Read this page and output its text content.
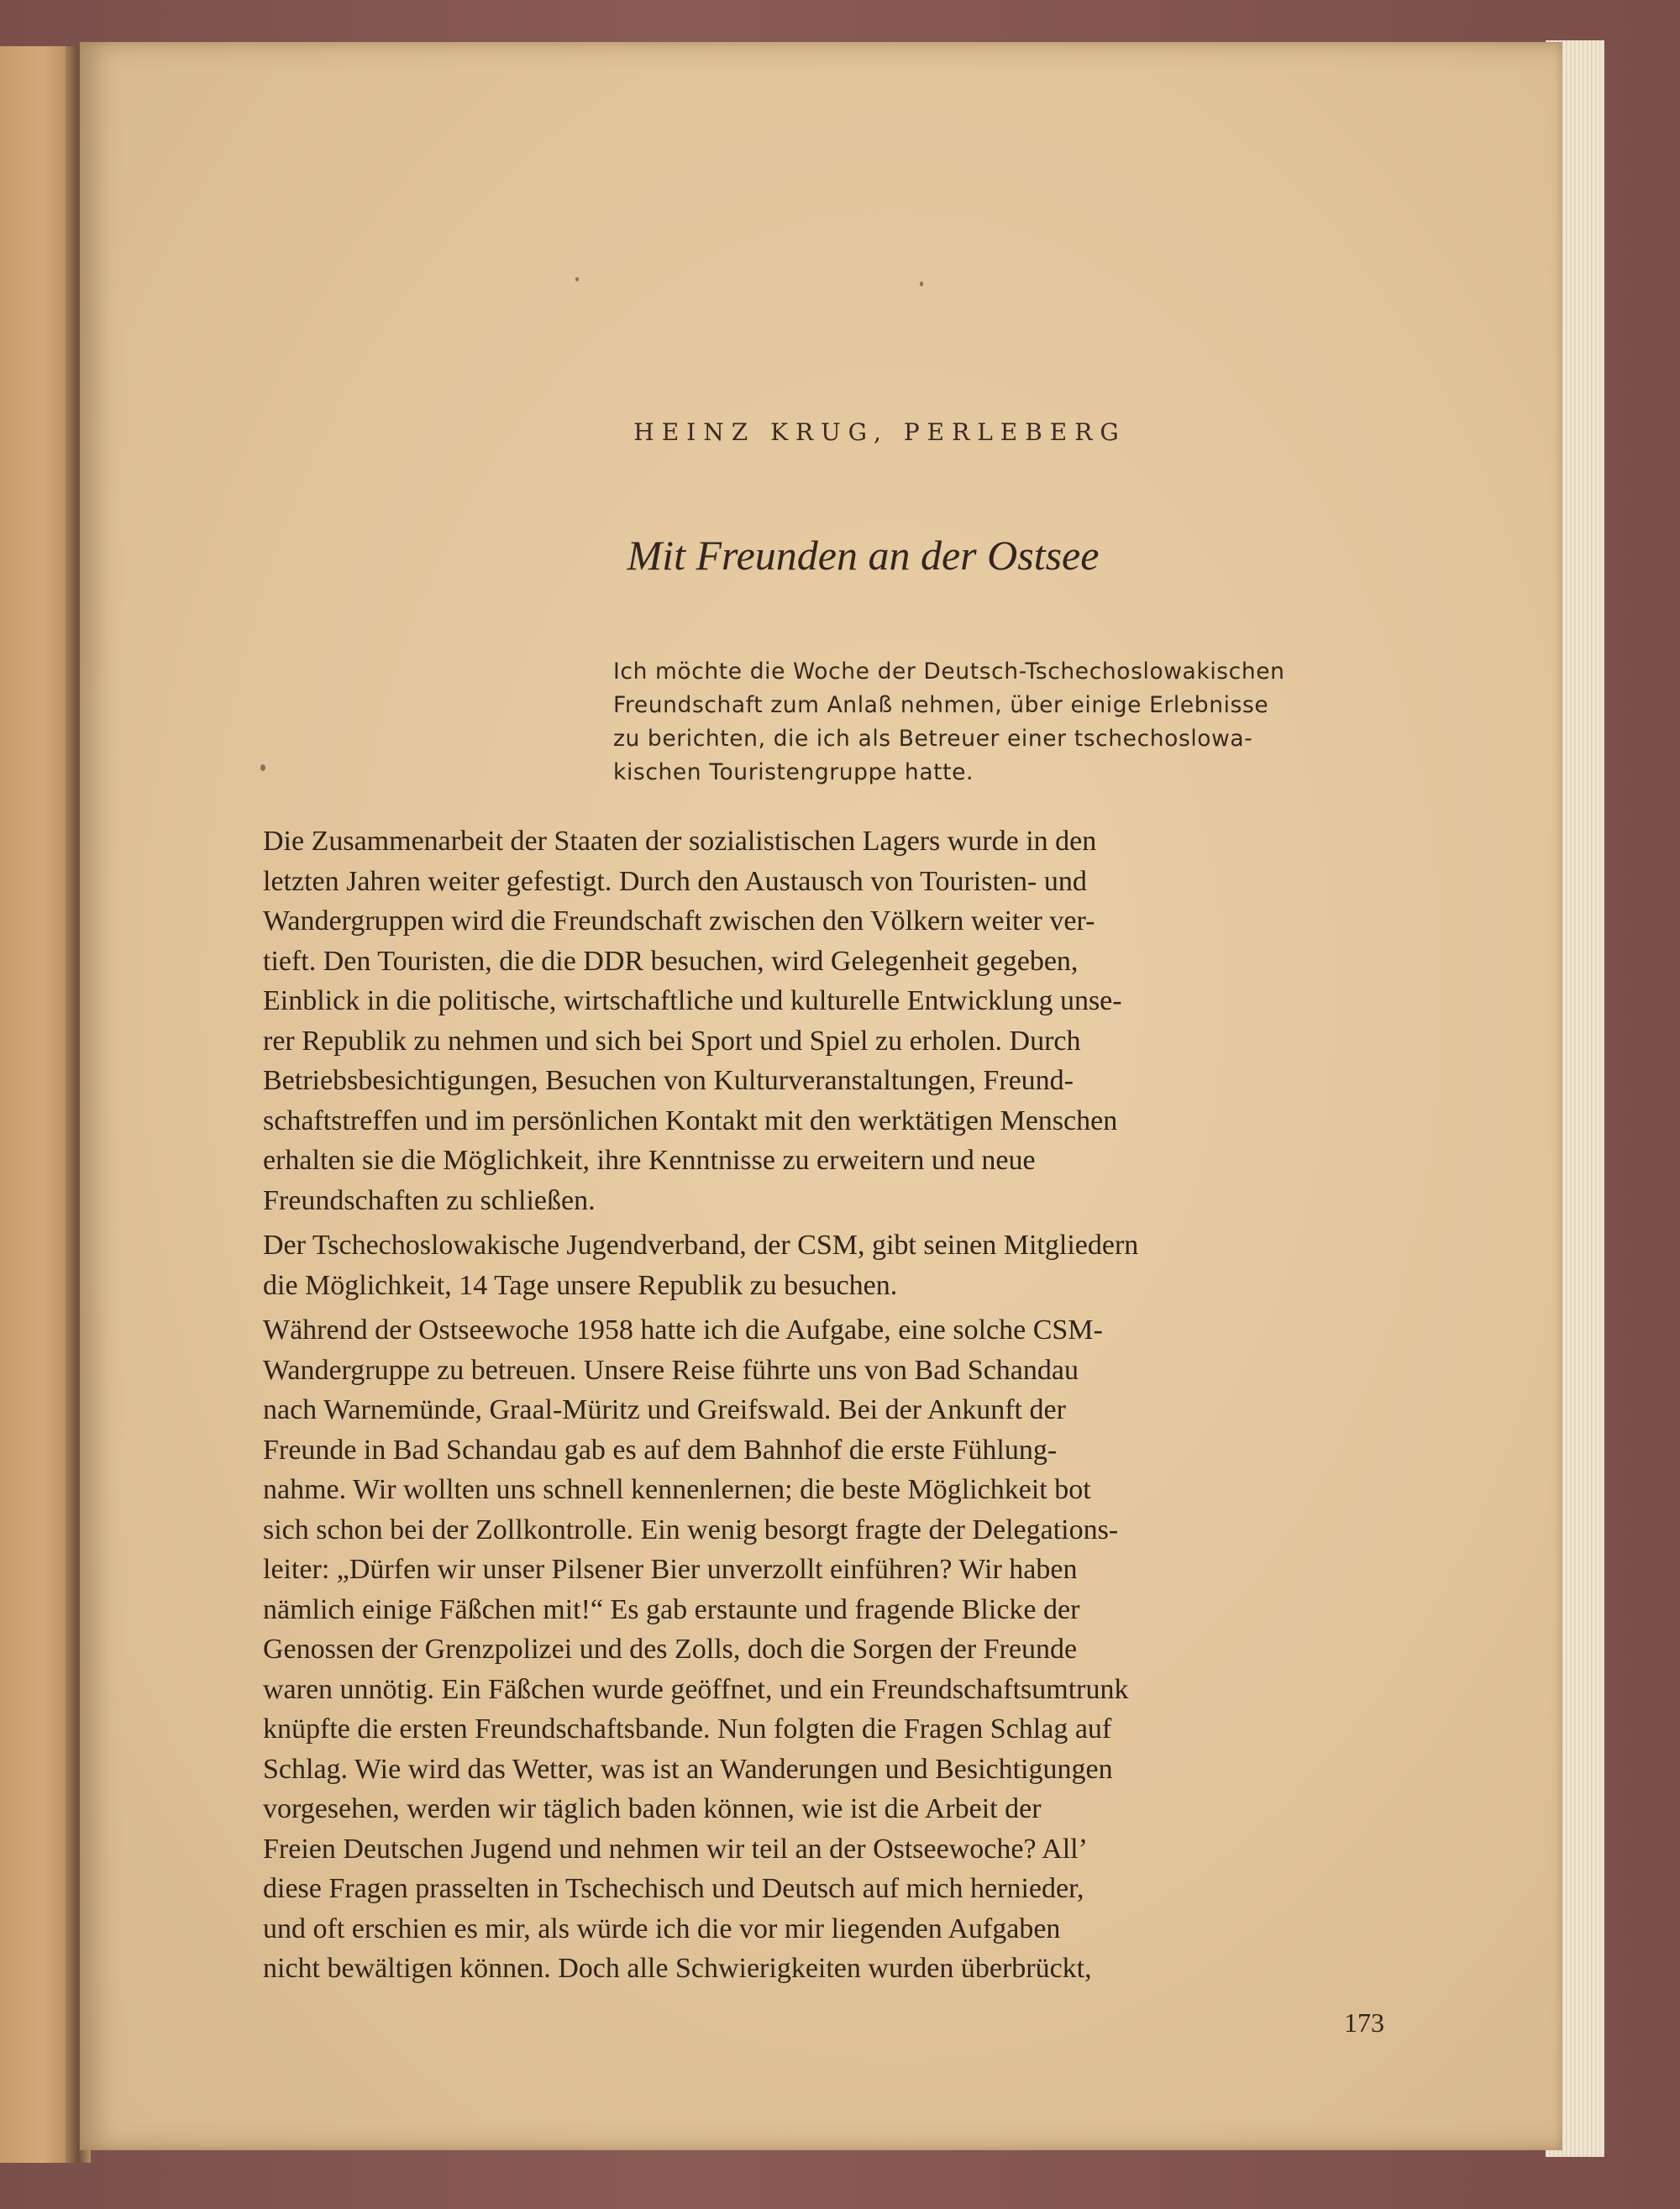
HEINZ KRUG, PERLEBERG
Mit Freunden an der Ostsee
Ich möchte die Woche der Deutsch-Tschechoslowakischen
Freundschaft zum Anlaß nehmen, über einige Erlebnisse
zu berichten, die ich als Betreuer einer tschechoslowa-
kischen Touristengruppe hatte.
Die Zusammenarbeit der Staaten der sozialistischen Lagers wurde in den
letzten Jahren weiter gefestigt. Durch den Austausch von Touristen- und
Wandergruppen wird die Freundschaft zwischen den Völkern weiter ver-
tieft. Den Touristen, die die DDR besuchen, wird Gelegenheit gegeben,
Einblick in die politische, wirtschaftliche und kulturelle Entwicklung unse-
rer Republik zu nehmen und sich bei Sport und Spiel zu erholen. Durch
Betriebsbesichtigungen, Besuchen von Kulturveranstaltungen, Freund-
schaftstreffen und im persönlichen Kontakt mit den werktätigen Menschen
erhalten sie die Möglichkeit, ihre Kenntnisse zu erweitern und neue
Freundschaften zu schließen.
Der Tschechoslowakische Jugendverband, der CSM, gibt seinen Mitgliedern
die Möglichkeit, 14 Tage unsere Republik zu besuchen.
Während der Ostseewoche 1958 hatte ich die Aufgabe, eine solche CSM-
Wandergruppe zu betreuen. Unsere Reise führte uns von Bad Schandau
nach Warnemünde, Graal-Müritz und Greifswald. Bei der Ankunft der
Freunde in Bad Schandau gab es auf dem Bahnhof die erste Fühlung-
nahme. Wir wollten uns schnell kennenlernen; die beste Möglichkeit bot
sich schon bei der Zollkontrolle. Ein wenig besorgt fragte der Delegations-
leiter: „Dürfen wir unser Pilsener Bier unverzollt einführen? Wir haben
nämlich einige Fäßchen mit!“ Es gab erstaunte und fragende Blicke der
Genossen der Grenzpolizei und des Zolls, doch die Sorgen der Freunde
waren unnötig. Ein Fäßchen wurde geöffnet, und ein Freundschaftsumtrunk
knüpfte die ersten Freundschaftsbande. Nun folgten die Fragen Schlag auf
Schlag. Wie wird das Wetter, was ist an Wanderungen und Besichtigungen
vorgesehen, werden wir täglich baden können, wie ist die Arbeit der
Freien Deutschen Jugend und nehmen wir teil an der Ostseewoche? All’
diese Fragen prasselten in Tschechisch und Deutsch auf mich hernieder,
und oft erschien es mir, als würde ich die vor mir liegenden Aufgaben
nicht bewältigen können. Doch alle Schwierigkeiten wurden überbrückt,
173
